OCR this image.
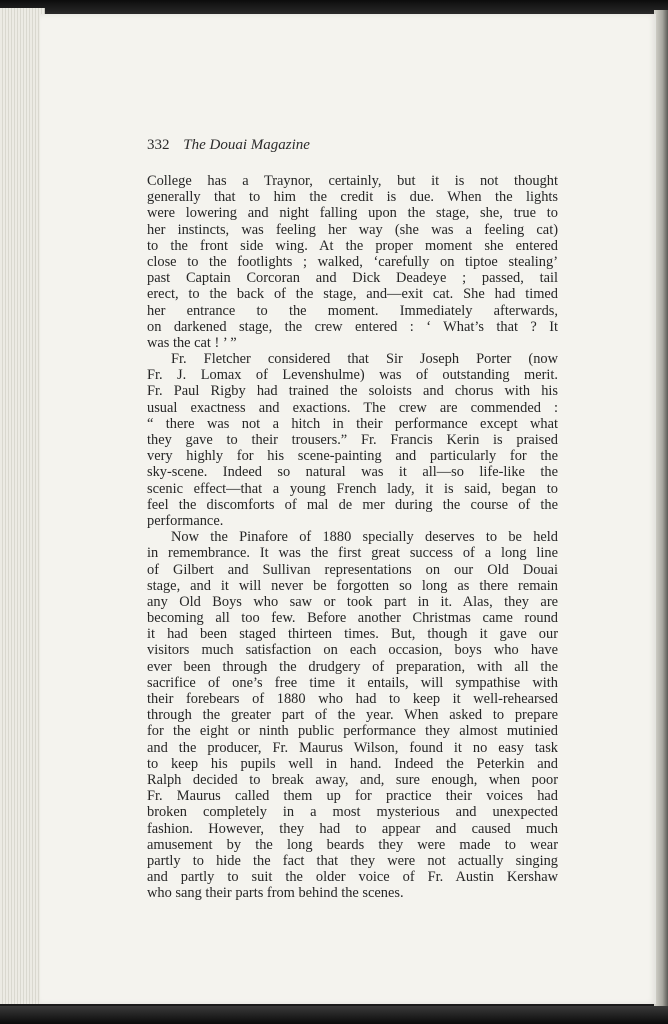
332 The Douai Magazine
College has a Traynor, certainly, but it is not thought
generally that to him the credit is due. When the lights
were lowering and night falling upon the stage, she, true to
her instincts, was feeling her way (she was a feeling cat)
to the front side wing. At the proper moment she entered
close to the footlights ; walked, ‘carefully on tiptoe stealing’
past Captain Corcoran and Dick Deadeye ; passed, tail
erect, to the back of the stage, and—exit cat. She had timed
her entrance to the moment. Immediately afterwards,
on darkened stage, the crew entered : ‘ What’s that ? It
was the cat ! ’ ”
Fr. Fletcher considered that Sir Joseph Porter (now
Fr. J. Lomax of Levenshulme) was of outstanding merit.
Fr. Paul Rigby had trained the soloists and chorus with his
usual exactness and exactions. The crew are commended :
“ there was not a hitch in their performance except what
they gave to their trousers.” Fr. Francis Kerin is praised
very highly for his scene-painting and particularly for the
sky-scene. Indeed so natural was it all—so life-like the
scenic effect—that a young French lady, it is said, began to
feel the discomforts of mal de mer during the course of the
performance.
Now the Pinafore of 1880 specially deserves to be held
in remembrance. It was the first great success of a long line
of Gilbert and Sullivan representations on our Old Douai
stage, and it will never be forgotten so long as there remain
any Old Boys who saw or took part in it. Alas, they are
becoming all too few. Before another Christmas came round
it had been staged thirteen times. But, though it gave our
visitors much satisfaction on each occasion, boys who have
ever been through the drudgery of preparation, with all the
sacrifice of one’s free time it entails, will sympathise with
their forebears of 1880 who had to keep it well-rehearsed
through the greater part of the year. When asked to prepare
for the eight or ninth public performance they almost mutinied
and the producer, Fr. Maurus Wilson, found it no easy task
to keep his pupils well in hand. Indeed the Peterkin and
Ralph decided to break away, and, sure enough, when poor
Fr. Maurus called them up for practice their voices had
broken completely in a most mysterious and unexpected
fashion. However, they had to appear and caused much
amusement by the long beards they were made to wear
partly to hide the fact that they were not actually singing
and partly to suit the older voice of Fr. Austin Kershaw
who sang their parts from behind the scenes.
